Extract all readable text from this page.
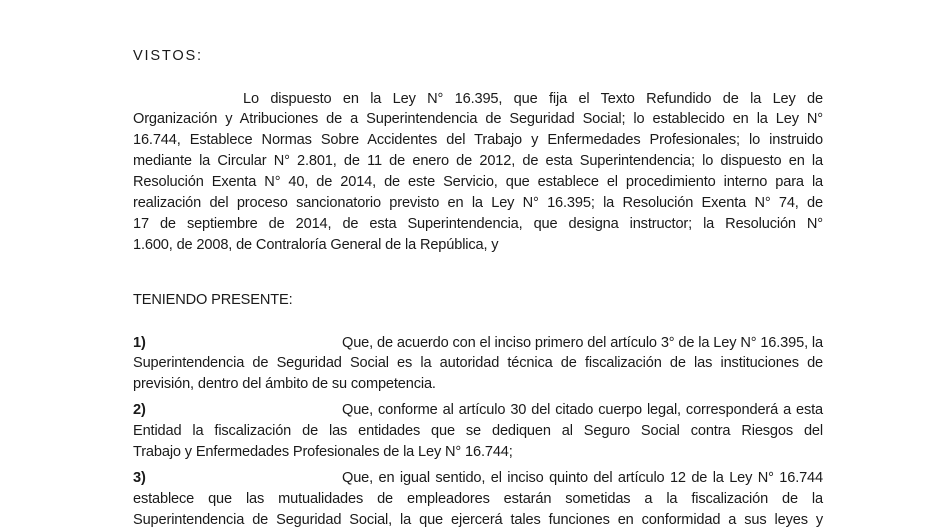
VISTOS:
Lo dispuesto en la Ley N° 16.395, que fija el Texto Refundido de la Ley de
Organización y Atribuciones de a Superintendencia de Seguridad Social; lo establecido en la Ley N°
16.744, Establece Normas Sobre Accidentes del Trabajo y Enfermedades Profesionales; lo instruido
mediante la Circular N° 2.801, de 11 de enero de 2012, de esta Superintendencia; lo dispuesto en la
Resolución Exenta N° 40, de 2014, de este Servicio, que establece el procedimiento interno para la
realización del proceso sancionatorio previsto en la Ley N° 16.395; la Resolución Exenta N° 74, de
17 de septiembre de 2014, de esta Superintendencia, que designa instructor; la Resolución N°
1.600, de 2008, de Contraloría General de la República, y
TENIENDO PRESENTE:
1)	Que, de acuerdo con el inciso primero del artículo 3° de la Ley N° 16.395, la
Superintendencia de Seguridad Social es la autoridad técnica de fiscalización de las instituciones de
previsión, dentro del ámbito de su competencia.
2)	Que, conforme al artículo 30 del citado cuerpo legal, corresponderá a esta
Entidad la fiscalización de las entidades que se dediquen al Seguro Social contra Riesgos del
Trabajo y Enfermedades Profesionales de la Ley N° 16.744;
3)	Que, en igual sentido, el inciso quinto del artículo 12 de la Ley N° 16.744
establece que las mutualidades de empleadores estarán sometidas a la fiscalización de la
Superintendencia de Seguridad Social, la que ejercerá tales funciones en conformidad a sus leyes y
